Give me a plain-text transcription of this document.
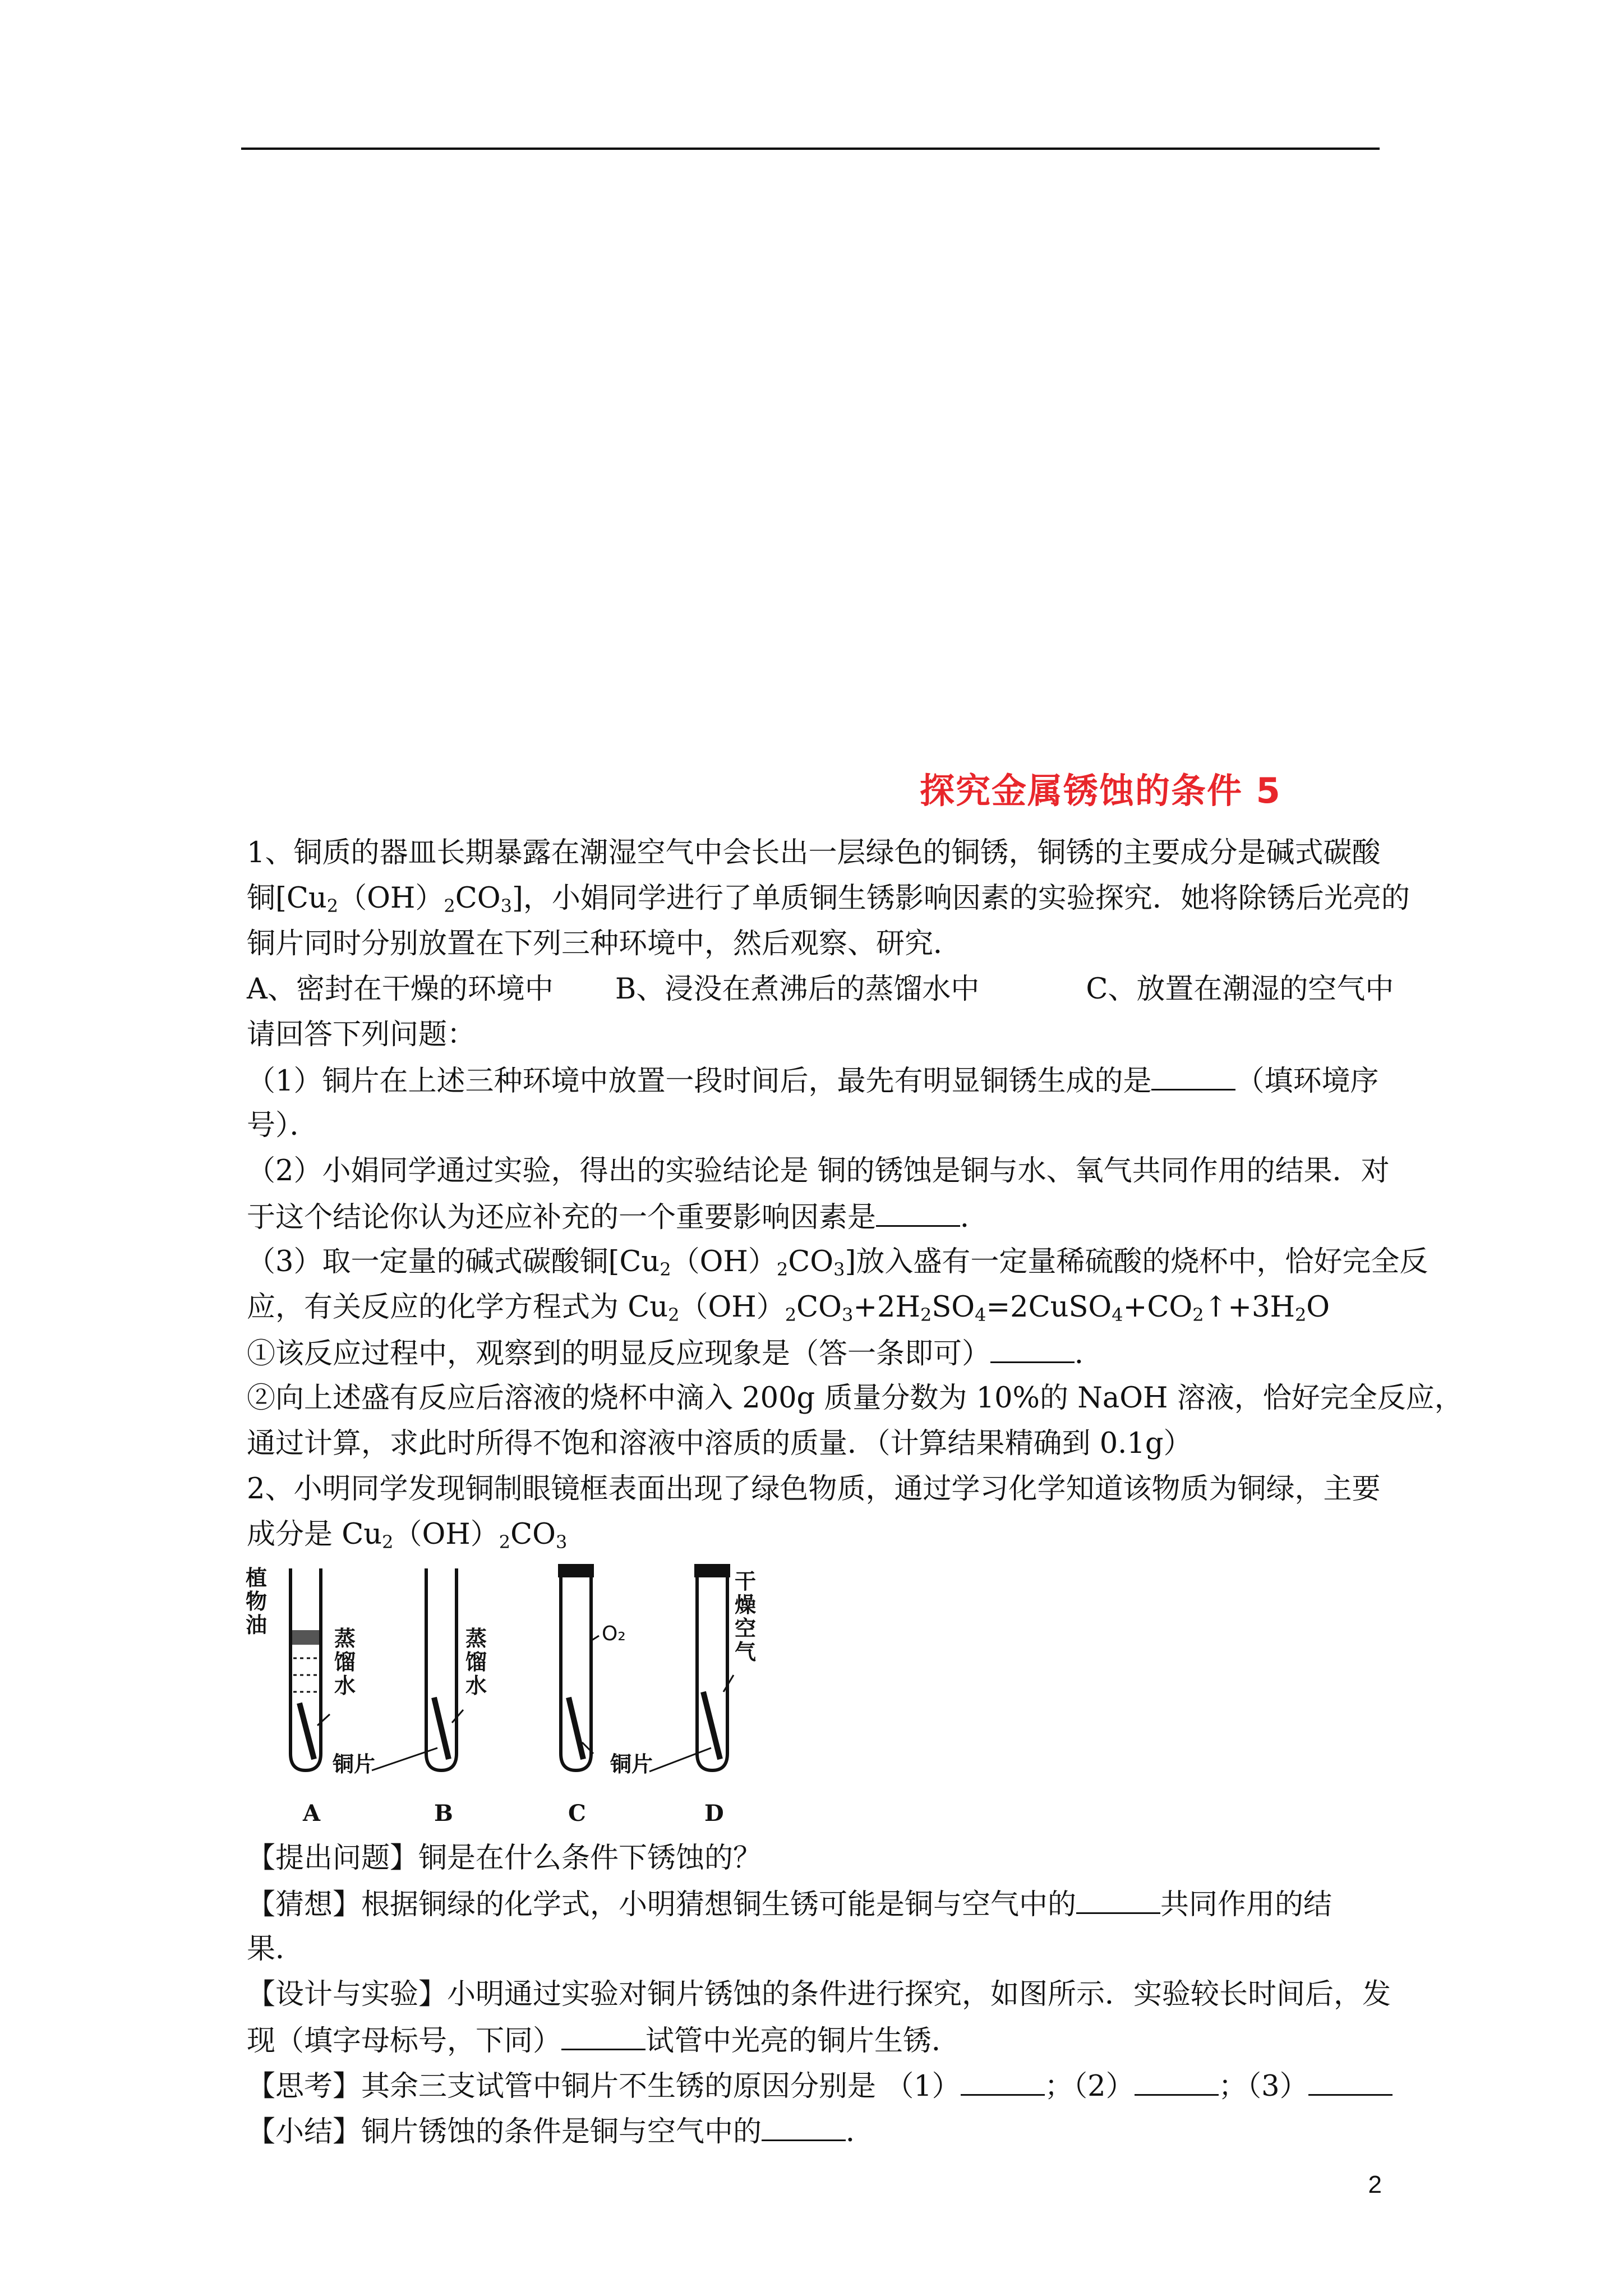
探究金属锈蚀的条件 5
1、铜质的器皿长期暴露在潮湿空气中会长出一层绿色的铜锈，铜锈的主要成分是碱式碳酸
铜$[Cu_2(OH)_2CO_3]$，小娟同学进行了单质铜生锈影响因素的实验探究．她将除锈后光亮的
铜片同时分别放置在下列三种环境中，然后观察、研究．
A、密封在干燥的环境中 B、浸没在煮沸后的蒸馏水中	C、放置在潮湿的空气中
请回答下列问题：
（1）铜片在上述三种环境中放置一段时间后，最先有明显铜锈生成的是	（填环境序
号）．
（2）小娟同学通过实验，得出的实验结论是 铜的锈蚀是铜与水、氧气共同作用的结果．对
于这个结论你认为还应补充的一个重要影响因素是	．
（3）取一定量的碱式碳酸铜$[Cu_2(OH)_2CO_3]$放入盛有一定量稀硫酸的烧杯中，恰好完全反
应，有关反应的化学方程式为 $Cu_2(OH)_2CO_3+2H_2SO_4=2CuSO_4+CO_2↑+3H_2O$
①该反应过程中，观察到的明显反应现象是（答一条即可）	．
②向上述盛有反应后溶液的烧杯中滴入 200g 质量分数为 10%的 NaOH 溶液，恰好完全反应，
通过计算，求此时所得不饱和溶液中溶质的质量．（计算结果精确到 0.1g）
2、小明同学发现铜制眼镜框表面出现了绿色物质，通过学习化学知道该物质为铜绿，主要
成分是 $Cu_2(OH)_2CO_3$
植
物
油
蒸
馏
水
A
蒸
馏
水
铜片
B
O₂
C
干
燥
空
气
铜片
D
【提出问题】铜是在什么条件下锈蚀的？
【猜想】根据铜绿的化学式，小明猜想铜生锈可能是铜与空气中的	共同作用的结
果．
【设计与实验】小明通过实验对铜片锈蚀的条件进行探究，如图所示．实验较长时间后，发
现（填字母标号，下同）	试管中光亮的铜片生锈．
【思考】其余三支试管中铜片不生锈的原因分别是 （1）	；（2）	；（3）
【小结】铜片锈蚀的条件是铜与空气中的	．
2
